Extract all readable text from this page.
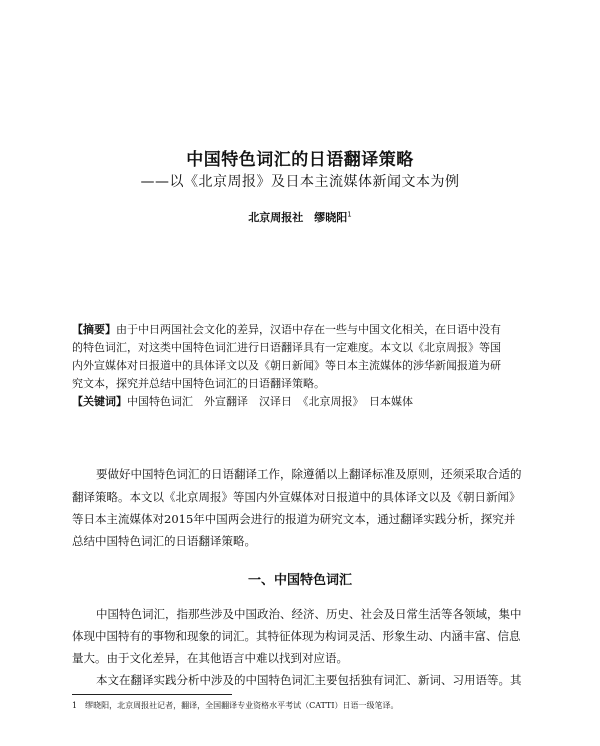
中国特色词汇的日语翻译策略
——以《北京周报》及日本主流媒体新闻文本为例
北京周报社　缪晓阳$^1$
【摘要】由于中日两国社会文化的差异，汉语中存在一些与中国文化相关，在日语中没有
的特色词汇，对这类中国特色词汇进行日语翻译具有一定难度。本文以《北京周报》等国
内外宣媒体对日报道中的具体译文以及《朝日新闻》等日本主流媒体的涉华新闻报道为研
究文本，探究并总结中国特色词汇的日语翻译策略。
【关键词】中国特色词汇　外宣翻译　汉译日　《北京周报》　日本媒体
要做好中国特色词汇的日语翻译工作，除遵循以上翻译标准及原则，还须采取合适的
翻译策略。本文以《北京周报》等国内外宣媒体对日报道中的具体译文以及《朝日新闻》
等日本主流媒体对2015年中国两会进行的报道为研究文本，通过翻译实践分析，探究并
总结中国特色词汇的日语翻译策略。
一、中国特色词汇
中国特色词汇，指那些涉及中国政治、经济、历史、社会及日常生活等各领域，集中
体现中国特有的事物和现象的词汇。其特征体现为构词灵活、形象生动、内涵丰富、信息
量大。由于文化差异，在其他语言中难以找到对应语。
本文在翻译实践分析中涉及的中国特色词汇主要包括独有词汇、新词、习用语等。其
1　缪晓阳，北京周报社记者，翻译，全国翻译专业资格水平考试（CATTI）日语一级笔译。
